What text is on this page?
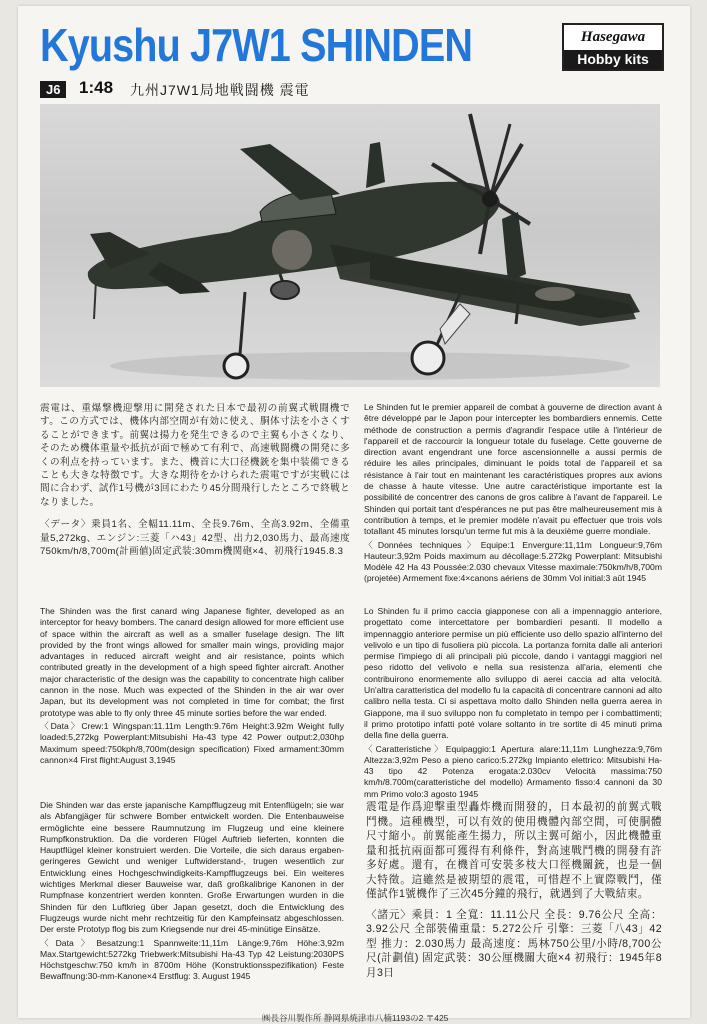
Kyushu J7W1 SHINDEN	Hasegawa
Hobby kits
J6	1:48 九州J7W1局地戦闘機 震電
震電は、重爆撃機迎撃用に開発された日本で最初の前翼式戦闘機です。この方式では、機体内部空間が有効に使え、胴体寸法を小さくすることができます。前翼は揚力を発生できるので主翼も小さくなり、そのため機体重量や抵抗が面で極めて有利で、高速戦闘機の開発に多くの利点を持っています。また、機首に大口径機銃を集中装備できることも大きな特徴です。大きな期待をかけられた震電ですが実戦には間に合わず、試作1号機が3回にわたり45分間飛行したところで終戦となりました。
〈データ〉乗員1名、全幅11.11m、全長9.76m、全高3.92m、全備重量5,272kg、エンジン:三菱「ハ43」42型、出力2,030馬力、最高速度750km/h/8,700m(計画値)固定武装:30mm機関砲×4、初飛行1945.8.3
Le Shinden fut le premier appareil de combat à gouverne de direction avant à être développé par le Japon pour intercepter les bombardiers ennemis. Cette méthode de construction a permis d'agrandir l'espace utile à l'intérieur de l'appareil et de raccourcir la longueur totale du fuselage. Cette gouverne de direction avant engendrant une force ascensionnelle a aussi permis de réduire les ailes principales, diminuant le poids total de l'appareil et sa résistance à l'air tout en maintenant les caractéristiques propres aux avions de chasse à haute vitesse. Une autre caractéristique importante est la possibilité de concentrer des canons de gros calibre à l'avant de l'appareil. Le Shinden qui portait tant d'espérances ne put pas être malheureusement mis à contribution à temps, et le premier modèle n'avait pu effectuer que trois vols totallant 45 minutes lorsqu'un terme fut mis à la deuxième guerre mondiale.
〈Données techniques〉Equipe:1 Envergure:11,11m Longueur:9,76m Hauteur:3,92m Poids maximum au décollage:5.272kg Powerplant: Mitsubishi Modèle 42 Ha 43 Poussée:2.030 chevaux Vitesse maximale:750km/h/8,700m (projetée) Armement fixe:4×canons aériens de 30mm Vol initial:3 aût 1945
The Shinden was the first canard wing Japanese fighter, developed as an interceptor for heavy bombers. The canard design allowed for more efficient use of space within the aircraft as well as a smaller fuselage design. The lift provided by the front wings allowed for smaller main wings, providing major advantages in reduced aircraft weight and air resistance, points which contributed greatly in the development of a high speed fighter aircraft. Another major characteristic of the design was the capability to concentrate high caliber cannon in the nose. Much was expected of the Shinden in the air war over Japan, but its development was not completed in time for combat; the first prototype was able to fly only three 45 minute sorties before the war ended.
〈Data〉Crew:1 Wingspan:11.11m Length:9.76m Height:3.92m Weight fully loaded:5,272kg Powerplant:Mitsubishi Ha-43 type 42 Power output:2,030hp Maximum speed:750kph/8,700m(design specification) Fixed armament:30mm cannon×4 First flight:August 3,1945
Lo Shinden fu il primo caccia giapponese con ali a impennaggio anteriore, progettato come intercettatore per bombardieri pesanti. Il modello a impennaggio anteriore permise un più efficiente uso dello spazio all'interno del velivolo e un tipo di fusoliera più piccola. La portanza fornita dalle ali anteriori permise l'impiego di ali principali più piccole, dando i vantaggi maggiori nel peso ridotto del velivolo e nella sua resistenza all'aria, elementi che contribuirono enormemente allo sviluppo di aerei caccia ad alta velocità. Un'altra caratteristica del modello fu la capacità di concentrare cannoni ad alto calibro nella testa. Ci si aspettava molto dallo Shinden nella guerra aerea in Giappone, ma il suo sviluppo non fu completato in tempo per i combattimenti; il primo prototipo infatti poté volare soltanto in tre sortite di 45 minuti prima della fine della guerra.
〈Caratteristiche〉Equipaggio:1 Apertura alare:11,11m Lunghezza:9,76m Altezza:3,92m Peso a pieno carico:5.272kg Impianto elettrico: Mitsubishi Ha-43 tipo 42 Potenza erogata:2.030cv Velocità massima:750 km/h/8.700m(caratteristiche del modello) Armamento fisso:4 cannoni da 30 mm Primo volo:3 agosto 1945
Die Shinden war das erste japanische Kampfflugzeug mit Entenflügeln; sie war als Abfangjäger für schwere Bomber entwickelt worden. Die Entenbauweise ermöglichte eine bessere Raumnutzung im Flugzeug und eine kleinere Rumpfkonstruktion. Da die vorderen Flügel Auftrieb lieferten, konnten die Hauptflügel kleiner konstruiert werden. Die Vorteile, die sich daraus ergaben-geringeres Gewicht und weniger Luftwiderstand-, trugen wesentlich zur Entwicklung eines Hochgeschwindigkeits-Kampfflugzeugs bei. Ein weiteres wichtiges Merkmal dieser Bauweise war, daß großkalibrige Kanonen in der Rumpfnase konzentriert werden konnten. Große Erwartungen wurden in die Shinden für den Luftkrieg über Japan gesetzt, doch die Entwicklung des Flugzeugs wurde nicht mehr rechtzeitig für den Kampfeinsatz abgeschlossen. Der erste Prototyp flog bis zum Kriegsende nur drei 45-minütige Einsätze.
〈Data〉Besatzung:1 Spannweite:11,11m Länge:9,76m Höhe:3,92m Max.Startgewicht:5272kg Triebwerk:Mitsubishi Ha-43 Typ 42 Leistung:2030PS Höchstgeschw:750 km/h in 8700m Höhe (Konstruktionsspezifikation) Feste Bewaffnung:30-mm-Kanone×4 Erstflug: 3. August 1945
震電是作爲迎擊重型轟炸機而開發的，日本最初的前翼式戰鬥機。這種機型，可以有效的使用機體內部空間，可使胴體尺寸縮小。前翼能產生揚力，所以主翼可縮小，因此機體重量和抵抗兩面都可獲得有利條件，對高速戰鬥機的開發有許多好處。還有，在機首可安裝多枝大口徑機關銃，也是一個大特徵。這雖然是被期望的震電，可惜趕不上實際戰鬥，僅僅試作1號機作了三次45分鐘的飛行，就遇到了大戰結束。
〈諸元〉乘員：1 全寬：11.11公尺 全長：9.76公尺 全高：3.92公尺 全部裝備重量：5.272公斤 引擎：三菱「八43」42型 推力：2.030馬力 最高速度：馬林750公里/小時/8,700公尺(計劃值) 固定武裝：30公厘機關大砲×4 初飛行：1945年8月3日
㈱長谷川製作所 静岡県焼津市八楠1193の2 〒425
